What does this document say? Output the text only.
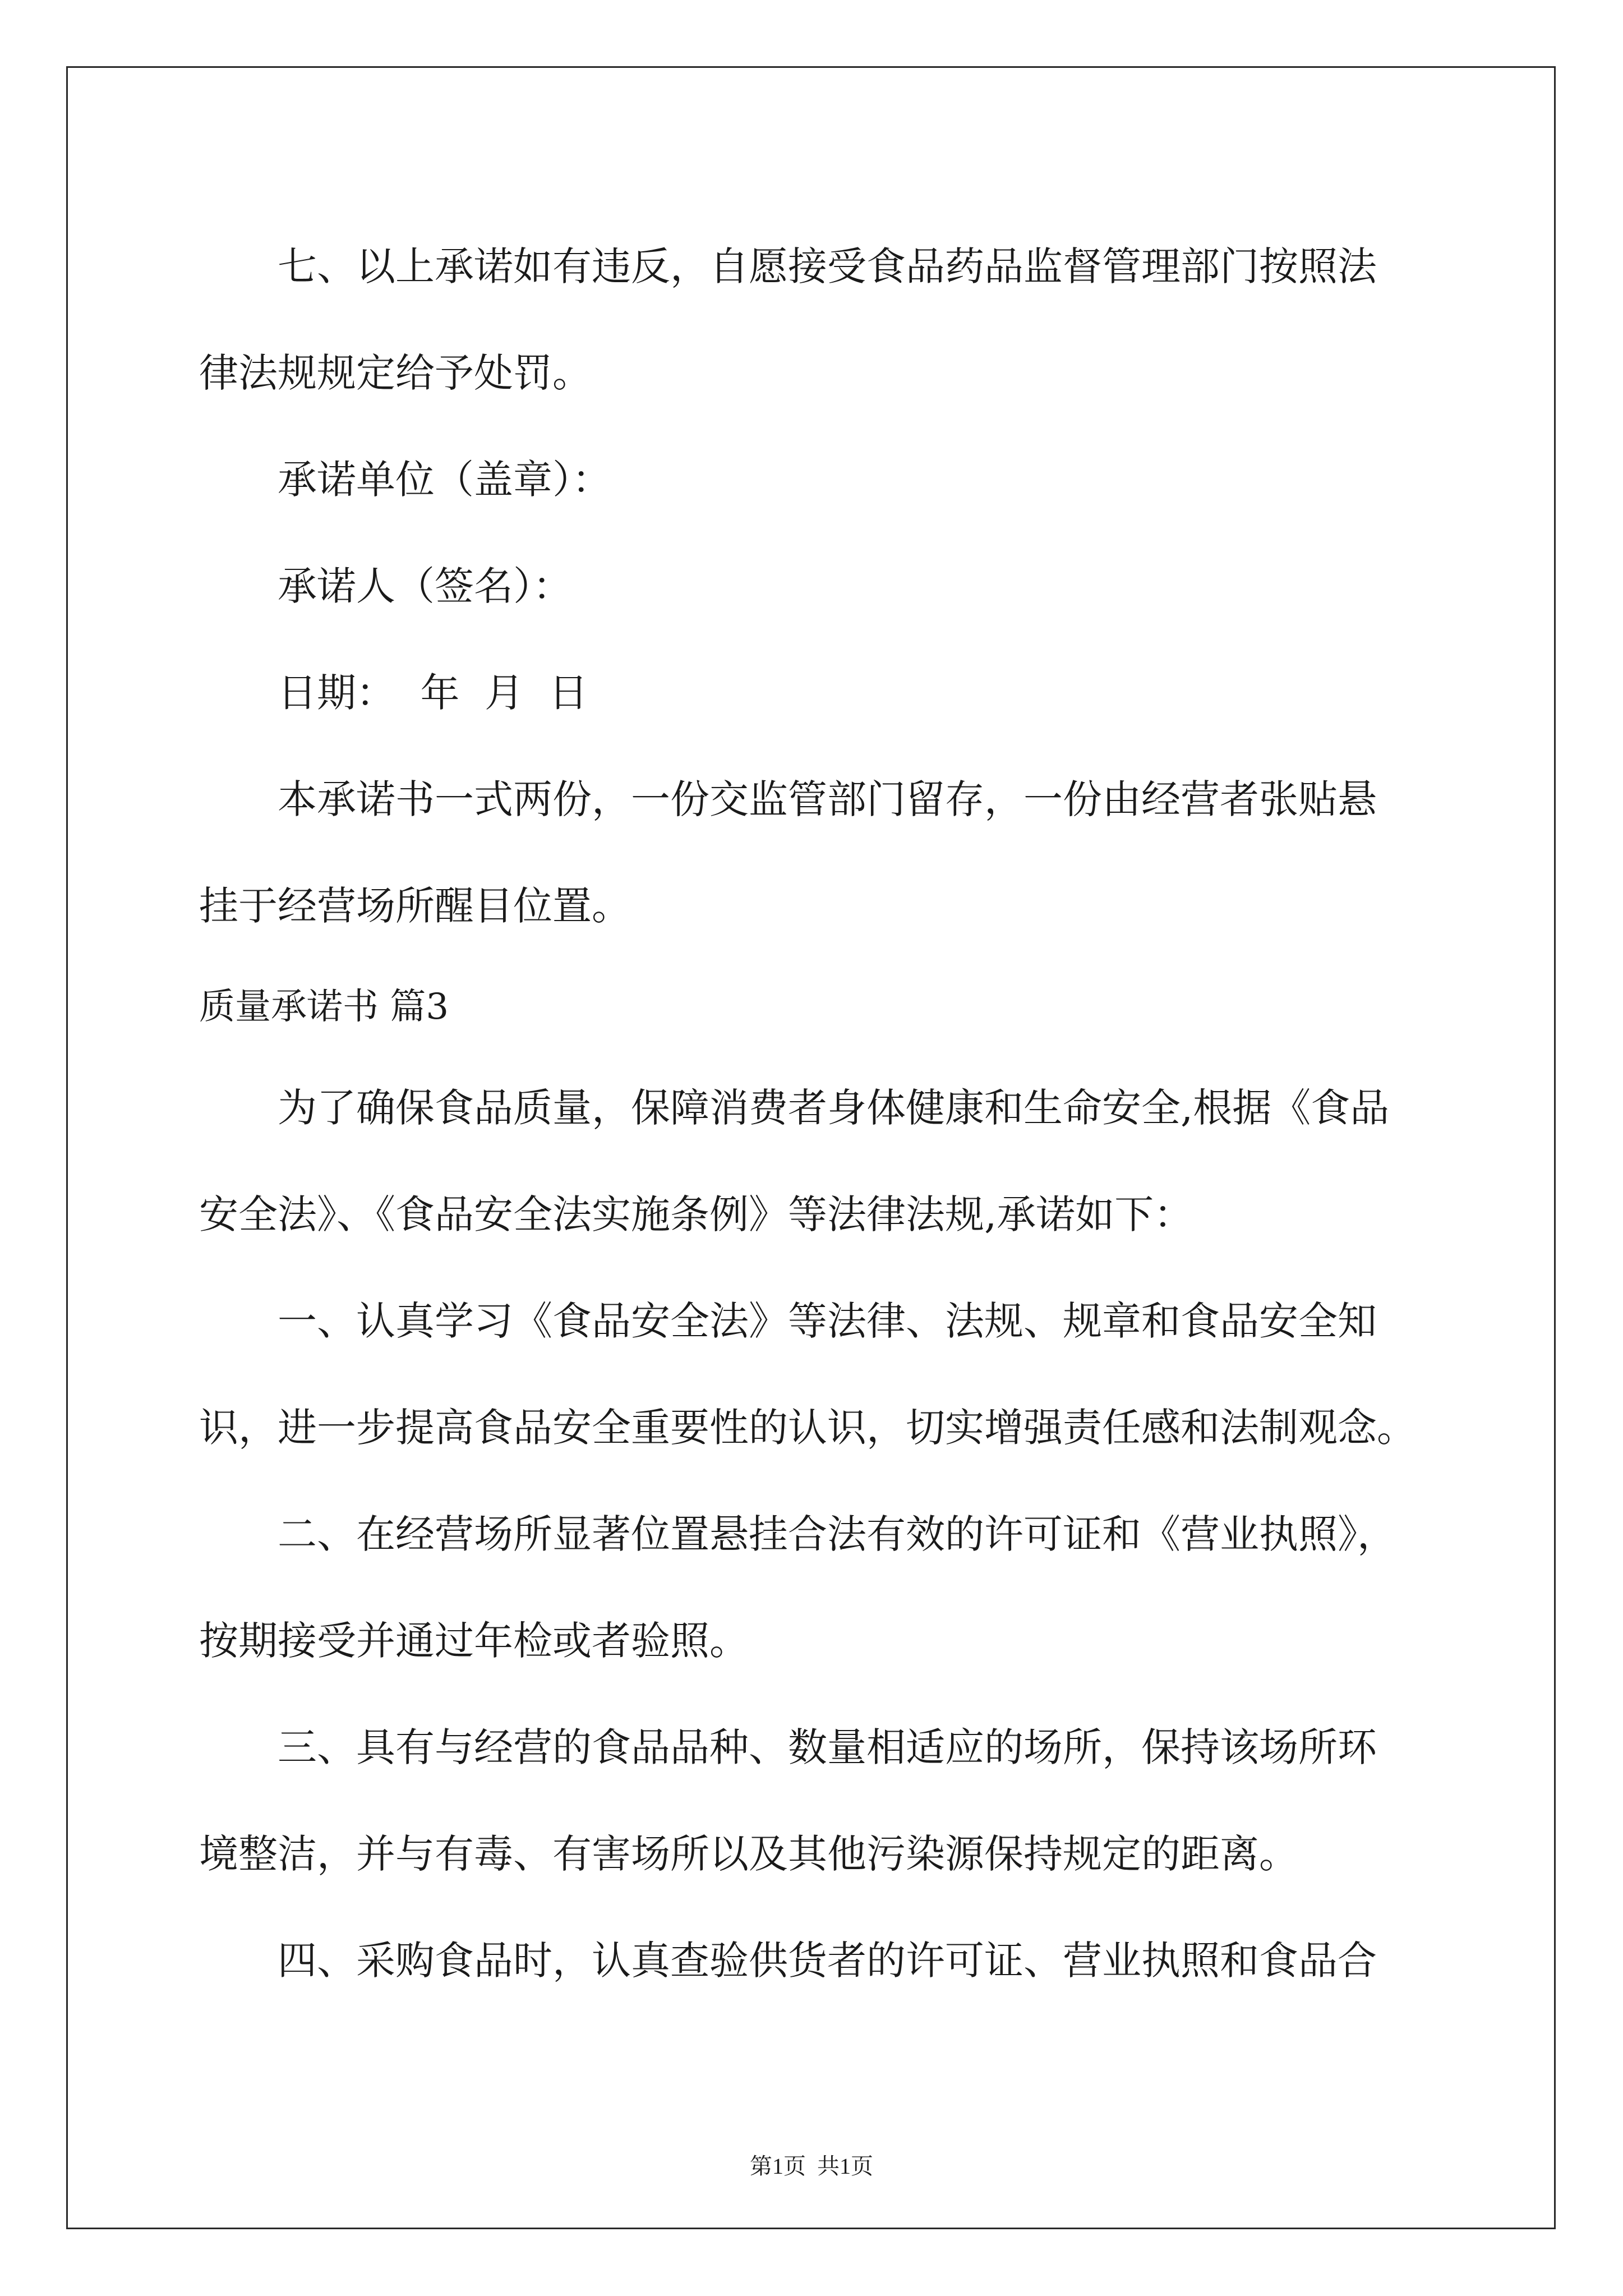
七、以上承诺如有违反，自愿接受食品药品监督管理部门按照法

律法规规定给予处罚。

承诺单位（盖章）：

承诺人（签名）：

日期：  年  月  日

本承诺书一式两份，一份交监管部门留存，一份由经营者张贴悬

挂于经营场所醒目位置。

质量承诺书 篇3

为了确保食品质量，保障消费者身体健康和生命安全,根据《食品

安全法》、《食品安全法实施条例》等法律法规,承诺如下：

一、认真学习《食品安全法》等法律、法规、规章和食品安全知

识，进一步提高食品安全重要性的认识，切实增强责任感和法制观念。

二、在经营场所显著位置悬挂合法有效的许可证和《营业执照》，

按期接受并通过年检或者验照。

三、具有与经营的食品品种、数量相适应的场所，保持该场所环

境整洁，并与有毒、有害场所以及其他污染源保持规定的距离。

四、采购食品时，认真查验供货者的许可证、营业执照和食品合

第1页  共1页
